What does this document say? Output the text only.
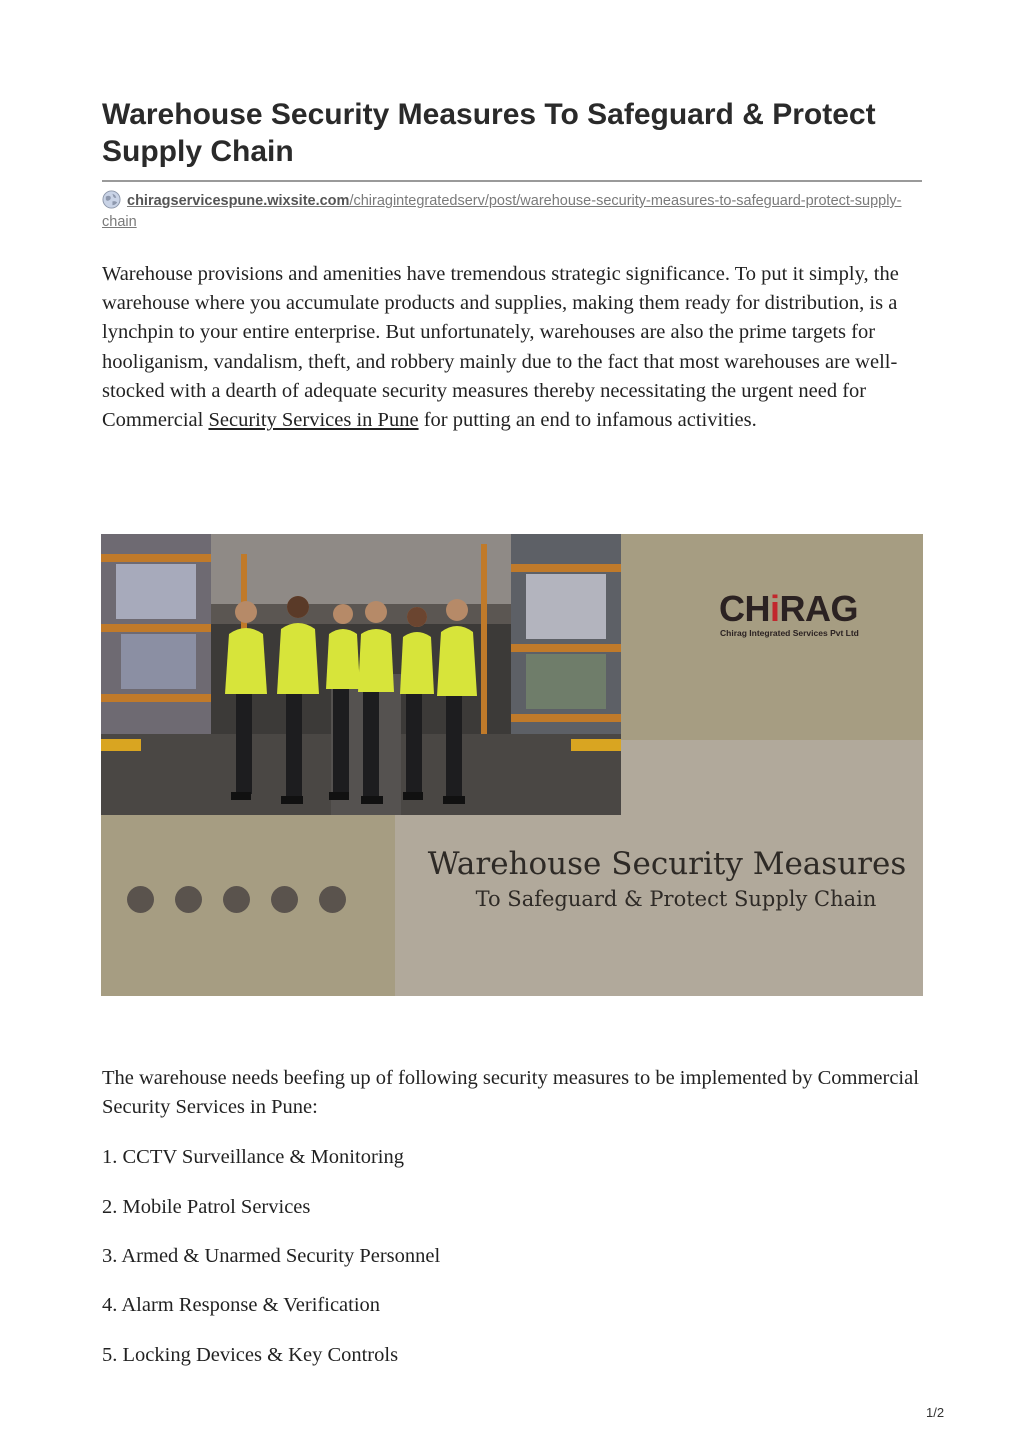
Warehouse Security Measures To Safeguard & Protect Supply Chain
chiragservicespune.wixsite.com/chiragintegratedserv/post/warehouse-security-measures-to-safeguard-protect-supply-chain

Warehouse provisions and amenities have tremendous strategic significance. To put it simply, the warehouse where you accumulate products and supplies, making them ready for distribution, is a lynchpin to your entire enterprise. But unfortunately, warehouses are also the prime targets for hooliganism, vandalism, theft, and robbery mainly due to the fact that most warehouses are well-stocked with a dearth of adequate security measures thereby necessitating the urgent need for Commercial Security Services in Pune for putting an end to infamous activities.

CHiRAG
Chirag Integrated Services Pvt Ltd
Warehouse Security Measures
To Safeguard & Protect Supply Chain

The warehouse needs beefing up of following security measures to be implemented by Commercial Security Services in Pune:

1. CCTV Surveillance & Monitoring

2. Mobile Patrol Services

3. Armed & Unarmed Security Personnel

4. Alarm Response & Verification

5. Locking Devices & Key Controls

1/2
